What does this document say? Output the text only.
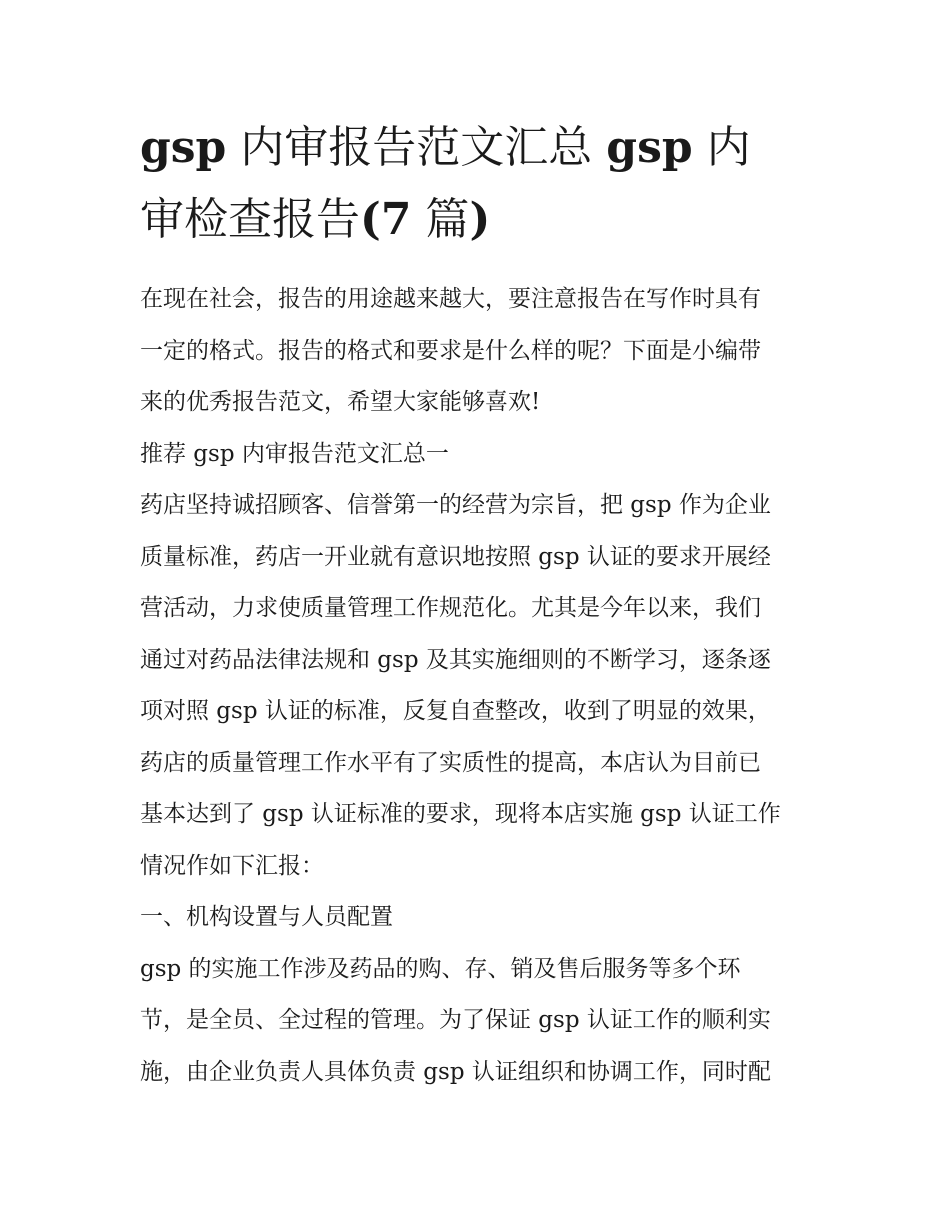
gsp 内审报告范文汇总 gsp 内
审检查报告(7 篇)

在现在社会，报告的用途越来越大，要注意报告在写作时具有

一定的格式。报告的格式和要求是什么样的呢？下面是小编带

来的优秀报告范文，希望大家能够喜欢!

推荐 gsp 内审报告范文汇总一

药店坚持诚招顾客、信誉第一的经营为宗旨，把 gsp 作为企业

质量标准，药店一开业就有意识地按照 gsp 认证的要求开展经

营活动，力求使质量管理工作规范化。尤其是今年以来，我们

通过对药品法律法规和 gsp 及其实施细则的不断学习，逐条逐

项对照 gsp 认证的标准，反复自查整改，收到了明显的效果，

药店的质量管理工作水平有了实质性的提高，本店认为目前已

基本达到了 gsp 认证标准的要求，现将本店实施 gsp 认证工作

情况作如下汇报：

一、机构设置与人员配置

gsp 的实施工作涉及药品的购、存、销及售后服务等多个环

节，是全员、全过程的管理。为了保证 gsp 认证工作的顺利实

施，由企业负责人具体负责 gsp 认证组织和协调工作，同时配
